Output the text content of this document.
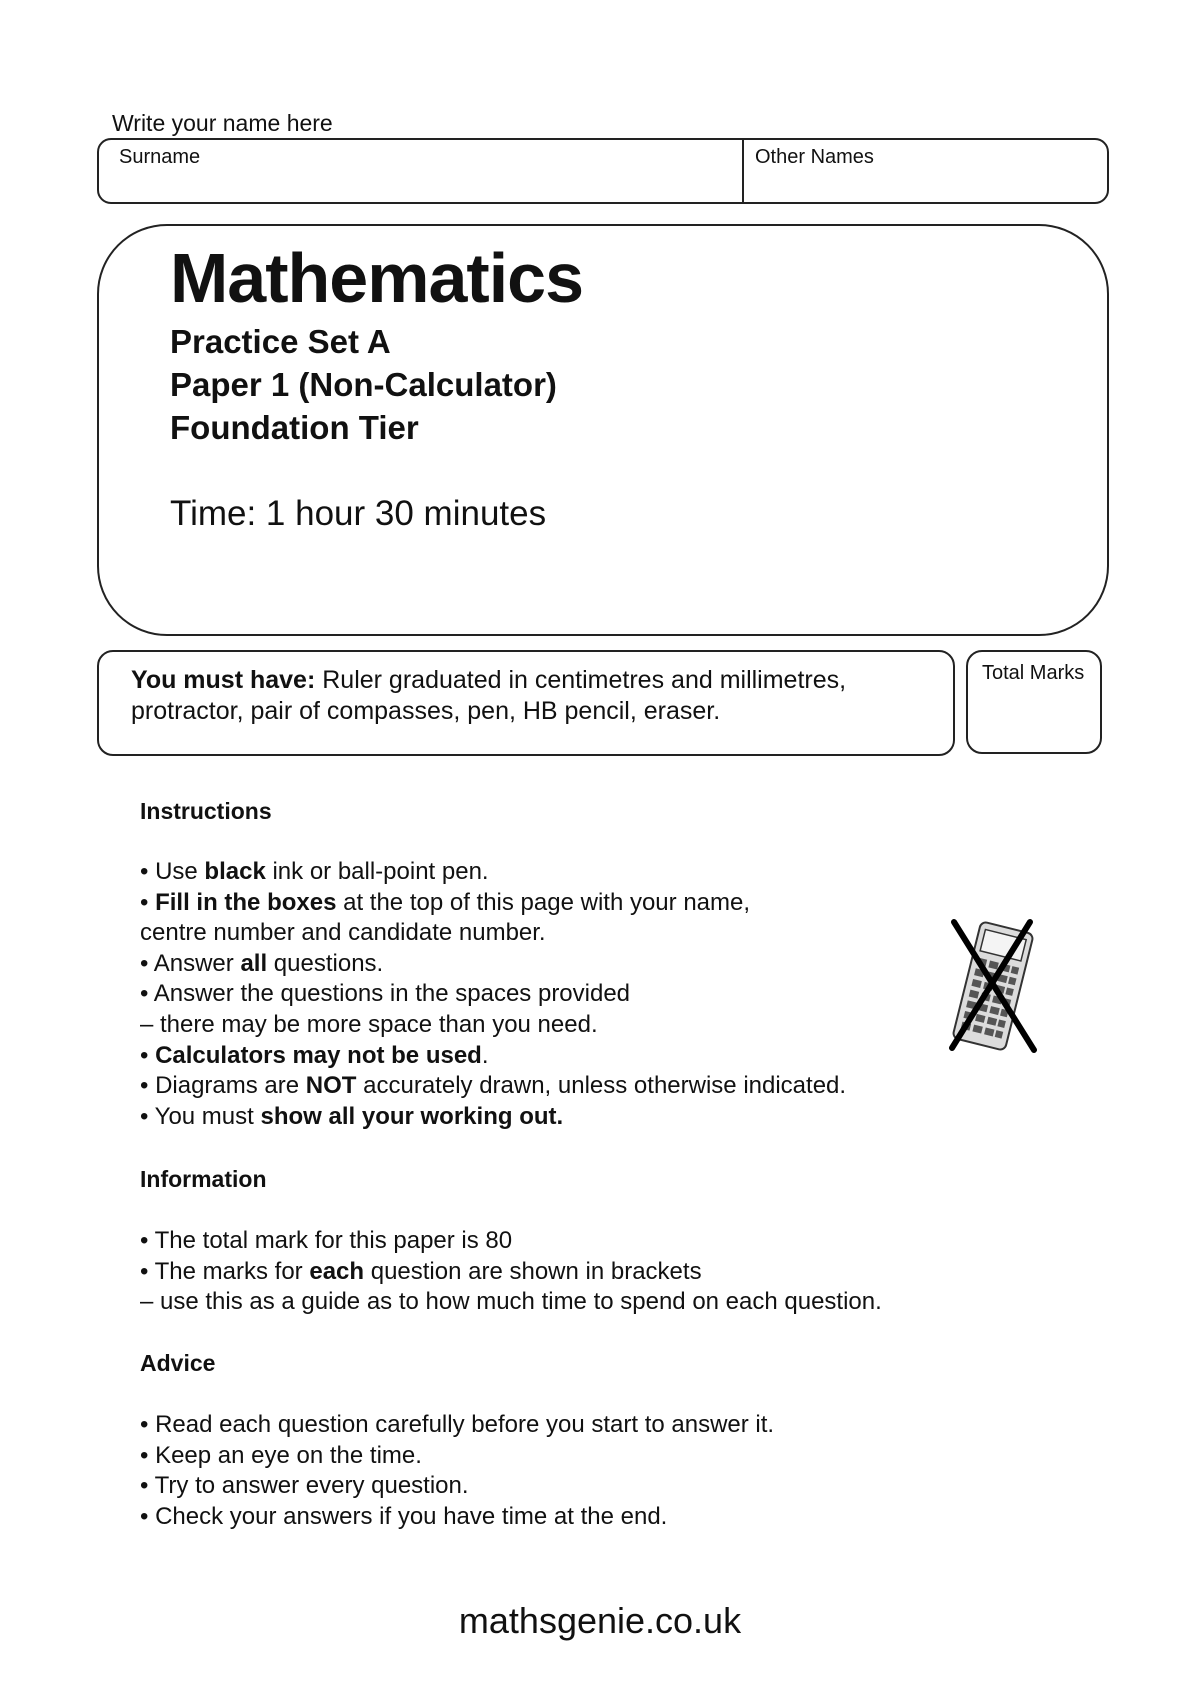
Write your name here
Surname	Other Names
Mathematics
Practice Set A
Paper 1 (Non-Calculator)
Foundation Tier
Time: 1 hour 30 minutes
You must have: Ruler graduated in centimetres and millimetres, protractor, pair of compasses, pen, HB pencil, eraser.
Total Marks
Instructions
• Use black ink or ball-point pen.
• Fill in the boxes at the top of this page with your name,
centre number and candidate number.
• Answer all questions.
• Answer the questions in the spaces provided
– there may be more space than you need.
• Calculators may not be used.
• Diagrams are NOT accurately drawn, unless otherwise indicated.
• You must show all your working out.
Information
• The total mark for this paper is 80
• The marks for each question are shown in brackets
– use this as a guide as to how much time to spend on each question.
Advice
• Read each question carefully before you start to answer it.
• Keep an eye on the time.
• Try to answer every question.
• Check your answers if you have time at the end.
mathsgenie.co.uk
